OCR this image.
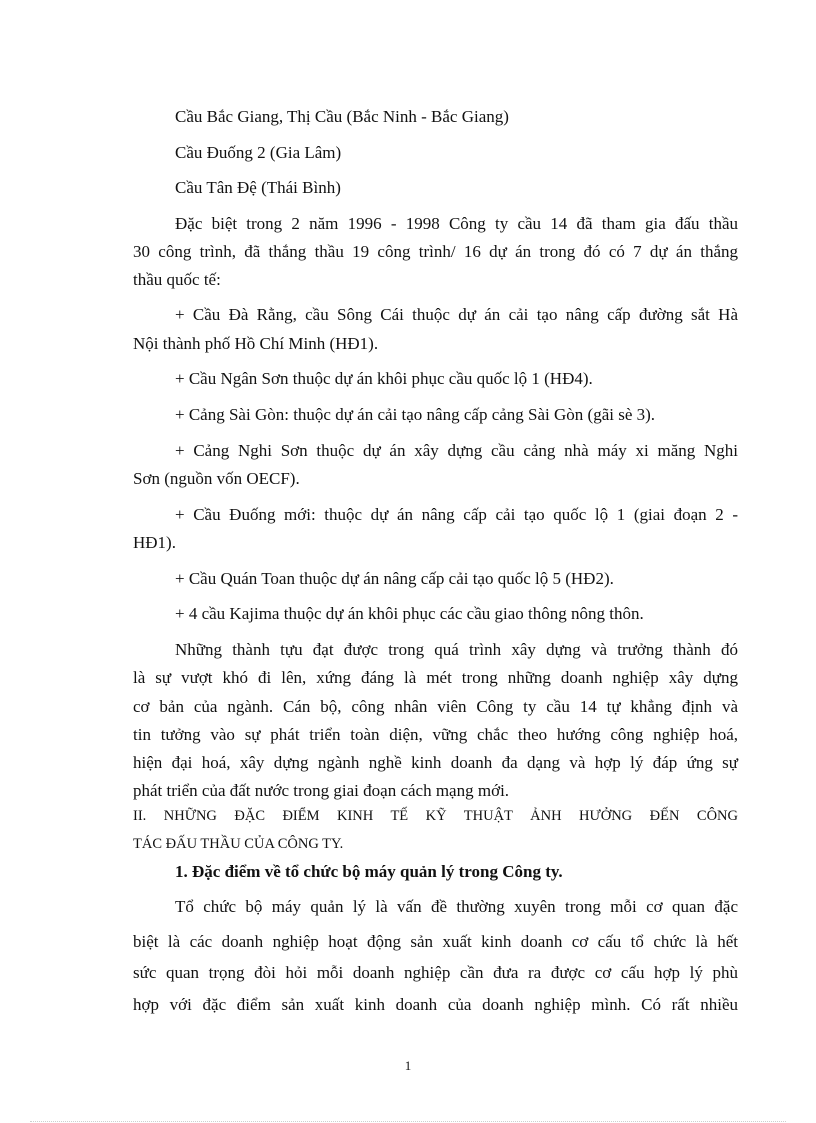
Cầu Bắc Giang, Thị Cầu (Bắc Ninh - Bắc Giang)
Cầu Đuống 2 (Gia Lâm)
Cầu Tân Đệ (Thái Bình)
Đặc biệt trong 2 năm 1996 - 1998 Công ty cầu 14 đã tham gia đấu thầu
30 công trình, đã thắng thầu 19 công trình/ 16 dự án trong đó có 7 dự án thắng
thầu quốc tế:
+ Cầu Đà Rằng, cầu Sông Cái thuộc dự án cải tạo nâng cấp đường sắt Hà
Nội thành phố Hồ Chí Minh (HĐ1).
+ Cầu Ngân Sơn thuộc dự án khôi phục cầu quốc lộ 1 (HĐ4).
+ Cảng Sài Gòn: thuộc dự án cải tạo nâng cấp cảng Sài Gòn (gãi sè 3).
+ Cảng Nghi Sơn thuộc dự án xây dựng cầu cảng nhà máy xi măng Nghi
Sơn (nguồn vốn OECF).
+ Cầu Đuống mới: thuộc dự án nâng cấp cải tạo quốc lộ 1 (giai đoạn 2 -
HĐ1).
+ Cầu Quán Toan thuộc dự án nâng cấp cải tạo quốc lộ 5 (HĐ2).
+ 4 cầu Kajima thuộc dự án khôi phục các cầu giao thông nông thôn.
Những thành tựu đạt được trong quá trình xây dựng và trưởng thành đó
là sự vượt khó đi lên, xứng đáng là mét trong những doanh nghiệp xây dựng
cơ bản của ngành. Cán bộ, công nhân viên Công ty cầu 14 tự khẳng định và
tin tưởng vào sự phát triển toàn diện, vững chắc theo hướng công nghiệp hoá,
hiện đại hoá, xây dựng ngành nghề kinh doanh đa dạng và hợp lý đáp ứng sự
phát triển của đất nước trong giai đoạn cách mạng mới.
II. NHỮNG ĐẶC ĐIỂM KINH TẾ KỸ THUẬT ẢNH HƯỞNG ĐẾN CÔNG
TÁC ĐẤU THẦU CỦA CÔNG TY.
1. Đặc điểm về tổ chức bộ máy quản lý trong Công ty.
Tổ chức bộ máy quản lý là vấn đề thường xuyên trong mỗi cơ quan đặc
biệt là các doanh nghiệp hoạt động sản xuất kinh doanh cơ cấu tổ chức là hết
sức quan trọng đòi hỏi mỗi doanh nghiệp cần đưa ra được cơ cấu hợp lý phù
hợp với đặc điểm sản xuất kinh doanh của doanh nghiệp mình. Có rất nhiều
1
